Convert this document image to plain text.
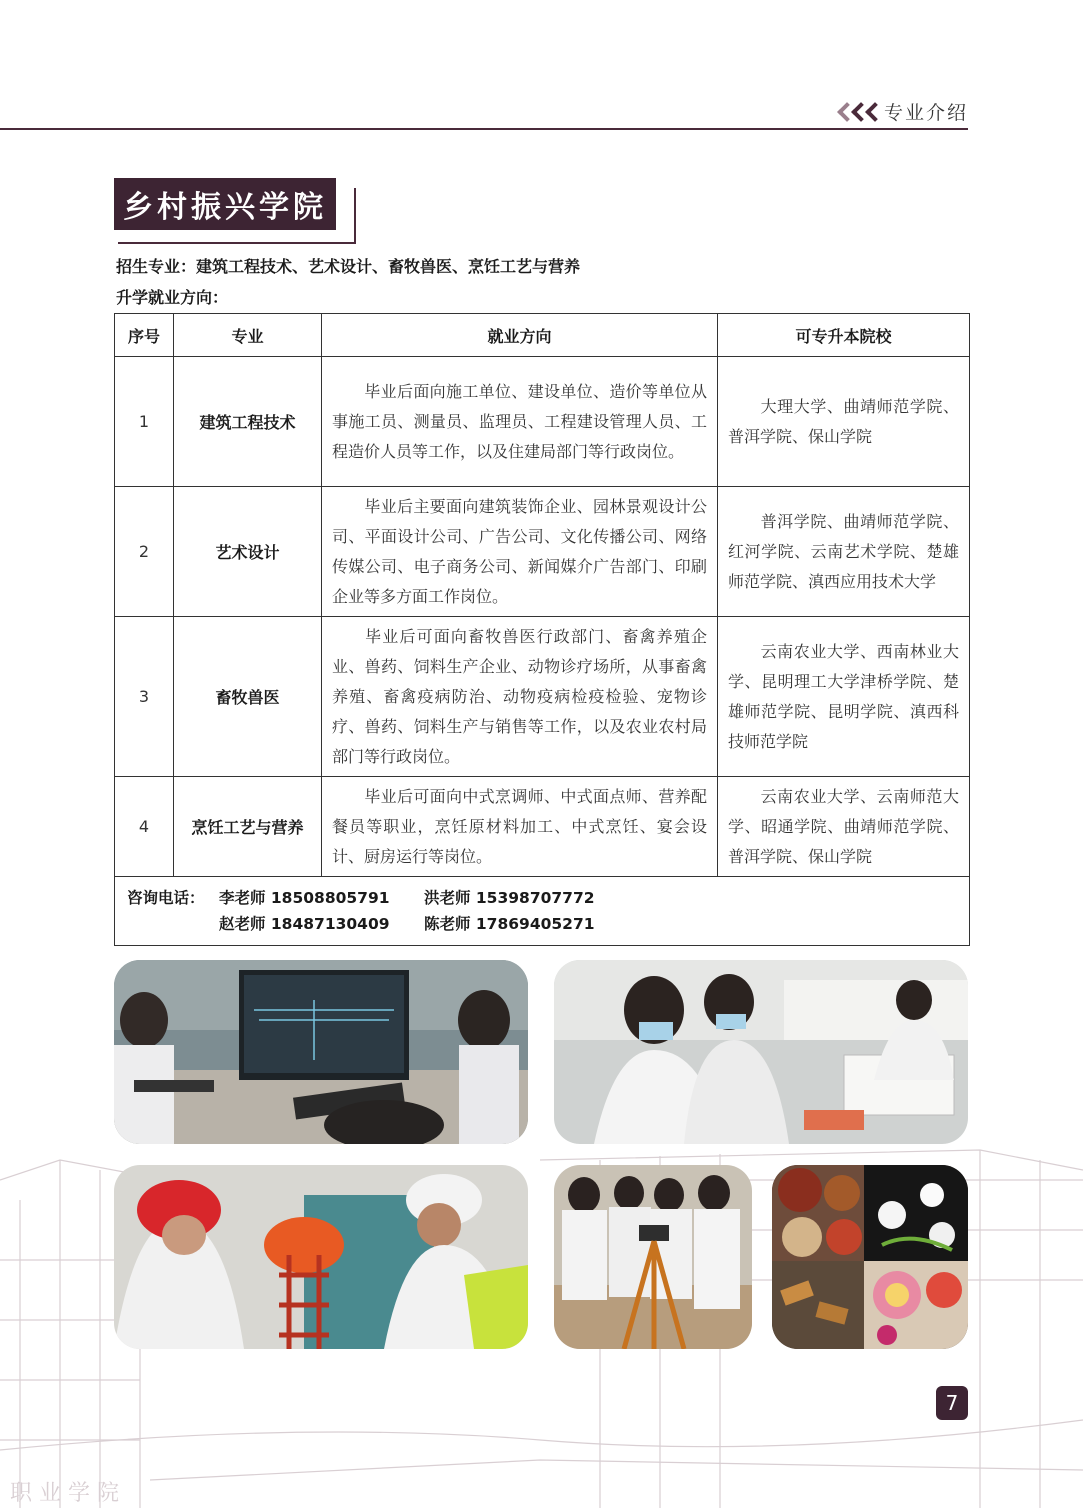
职 业 学 院
专业介绍
乡村振兴学院
招生专业：建筑工程技术、艺术设计、畜牧兽医、烹饪工艺与营养
升学就业方向：
序号	专业	就业方向	可专升本院校
1	建筑工程技术	毕业后面向施工单位、建设单位、造价等单位从事施工员、测量员、监理员、工程建设管理人员、工程造价人员等工作，以及住建局部门等行政岗位。	大理大学、曲靖师范学院、普洱学院、保山学院
2	艺术设计	毕业后主要面向建筑装饰企业、园林景观设计公司、平面设计公司、广告公司、文化传播公司、网络传媒公司、电子商务公司、新闻媒介广告部门、印刷企业等多方面工作岗位。	普洱学院、曲靖师范学院、红河学院、云南艺术学院、楚雄师范学院、滇西应用技术大学
3	畜牧兽医	毕业后可面向畜牧兽医行政部门、畜禽养殖企业、兽药、饲料生产企业、动物诊疗场所，从事畜禽养殖、畜禽疫病防治、动物疫病检疫检验、宠物诊疗、兽药、饲料生产与销售等工作，以及农业农村局部门等行政岗位。	云南农业大学、西南林业大学、昆明理工大学津桥学院、楚雄师范学院、昆明学院、滇西科技师范学院
4	烹饪工艺与营养	毕业后可面向中式烹调师、中式面点师、营养配餐员等职业，烹饪原材料加工、中式烹饪、宴会设计、厨房运行等岗位。	云南农业大学、云南师范大学、昭通学院、曲靖师范学院、普洱学院、保山学院

咨询电话： 李老师 18508805791 洪老师 15398707772
赵老师 18487130409 陈老师 17869405271			
7
